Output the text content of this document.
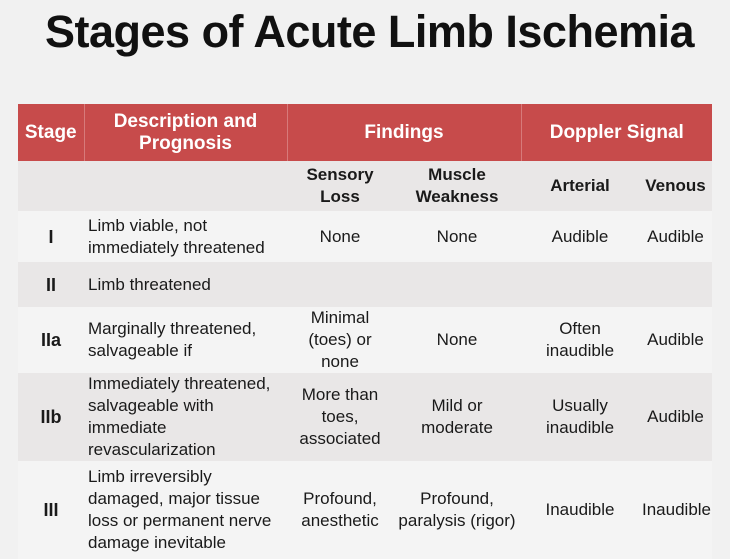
Stages of Acute Limb Ischemia
Stage	Description and Prognosis	Findings		Doppler Signal	
		Sensory Loss	Muscle Weakness	Arterial	Venous
I	Limb viable, not immediately threatened	None	None	Audible	Audible
II	Limb threatened				
IIa	Marginally threatened, salvageable if	Minimal (toes) or none	None	Often inaudible	Audible
IIb	Immediately threatened, salvageable with immediate revascularization	More than toes, associated	Mild or moderate	Usually inaudible	Audible
III	Limb irreversibly damaged, major tissue loss or permanent nerve damage inevitable	Profound, anesthetic	Profound, paralysis (rigor)	Inaudible	Inaudible
